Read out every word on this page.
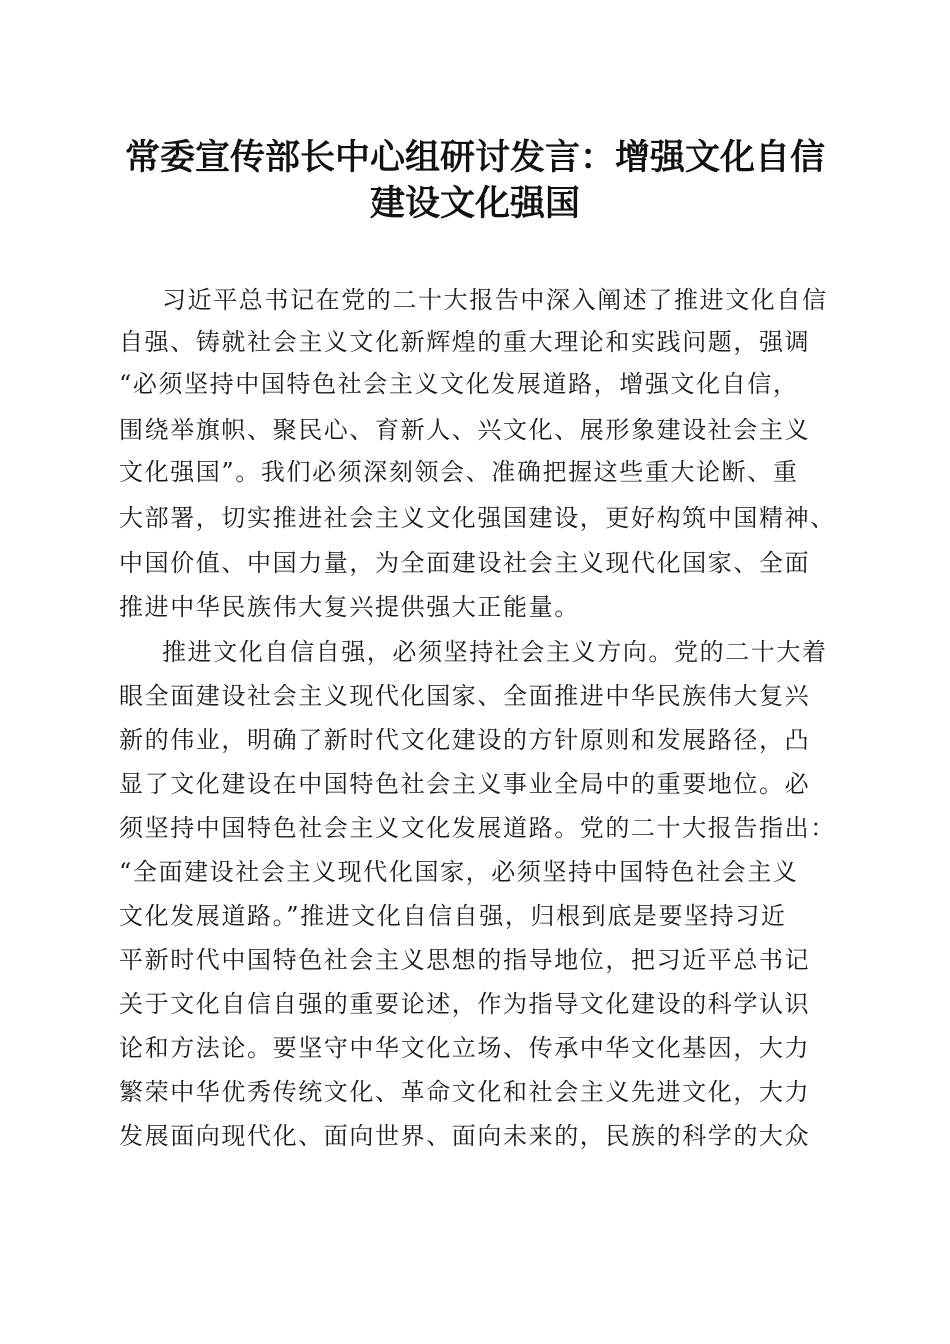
常委宣传部长中心组研讨发言：增强文化自信
建设文化强国
习近平总书记在党的二十大报告中深入阐述了推进文化自信
自强、铸就社会主义文化新辉煌的重大理论和实践问题，强调
“必须坚持中国特色社会主义文化发展道路，增强文化自信，
围绕举旗帜、聚民心、育新人、兴文化、展形象建设社会主义
文化强国”。我们必须深刻领会、准确把握这些重大论断、重
大部署，切实推进社会主义文化强国建设，更好构筑中国精神、
中国价值、中国力量，为全面建设社会主义现代化国家、全面
推进中华民族伟大复兴提供强大正能量。
推进文化自信自强，必须坚持社会主义方向。党的二十大着
眼全面建设社会主义现代化国家、全面推进中华民族伟大复兴
新的伟业，明确了新时代文化建设的方针原则和发展路径，凸
显了文化建设在中国特色社会主义事业全局中的重要地位。必
须坚持中国特色社会主义文化发展道路。党的二十大报告指出：
“全面建设社会主义现代化国家，必须坚持中国特色社会主义
文化发展道路。”推进文化自信自强，归根到底是要坚持习近
平新时代中国特色社会主义思想的指导地位，把习近平总书记
关于文化自信自强的重要论述，作为指导文化建设的科学认识
论和方法论。要坚守中华文化立场、传承中华文化基因，大力
繁荣中华优秀传统文化、革命文化和社会主义先进文化，大力
发展面向现代化、面向世界、面向未来的，民族的科学的大众
